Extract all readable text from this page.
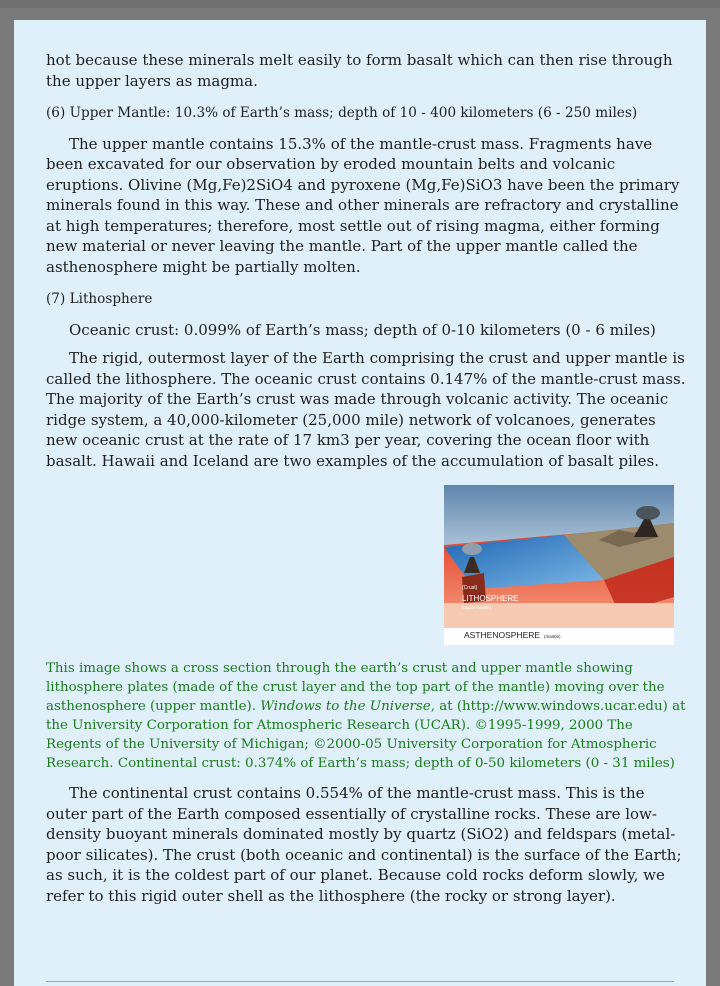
hot because these minerals melt easily to form basalt which can then rise through the upper layers as magma.

(6) Upper Mantle: 10.3% of Earth’s mass; depth of 10 - 400 kilometers (6 - 250 miles)

The upper mantle contains 15.3% of the mantle-crust mass. Fragments have been excavated for our observation by eroded mountain belts and volcanic eruptions. Olivine (Mg,Fe)2SiO4 and pyroxene (Mg,Fe)SiO3 have been the primary minerals found in this way. These and other minerals are refractory and crystalline at high temperatures; therefore, most settle out of rising magma, either forming new material or never leaving the mantle. Part of the upper mantle called the asthenosphere might be partially molten.

(7) Lithosphere

Oceanic crust: 0.099% of Earth’s mass; depth of 0-10 kilometers (0 - 6 miles)

The rigid, outermost layer of the Earth comprising the crust and upper mantle is called the lithosphere. The oceanic crust contains 0.147% of the mantle-crust mass. The majority of the Earth’s crust was made through volcanic activity. The oceanic ridge system, a 40,000-kilometer (25,000 mile) network of volcanoes, generates new oceanic crust at the rate of 17 km3 per year, covering the ocean floor with basalt. Hawaii and Iceland are two examples of the accumulation of basalt piles.

(Crust)
LITHOSPHERE
(upper mantle)
ASTHENOSPHERE (mantle)

This image shows a cross section through the earth’s crust and upper mantle showing lithosphere plates (made of the crust layer and the top part of the mantle) moving over the asthenosphere (upper mantle). Windows to the Universe, at (http://www.windows.ucar.edu) at the University Corporation for Atmospheric Research (UCAR). ©1995-1999, 2000 The Regents of the University of Michigan; ©2000-05 University Corporation for Atmospheric Research. Continental crust: 0.374% of Earth’s mass; depth of 0-50 kilometers (0 - 31 miles)

The continental crust contains 0.554% of the mantle-crust mass. This is the outer part of the Earth composed essentially of crystalline rocks. These are low-density buoyant minerals dominated mostly by quartz (SiO2) and feldspars (metal-poor silicates). The crust (both oceanic and continental) is the surface of the Earth; as such, it is the coldest part of our planet. Because cold rocks deform slowly, we refer to this rigid outer shell as the lithosphere (the rocky or strong layer).
